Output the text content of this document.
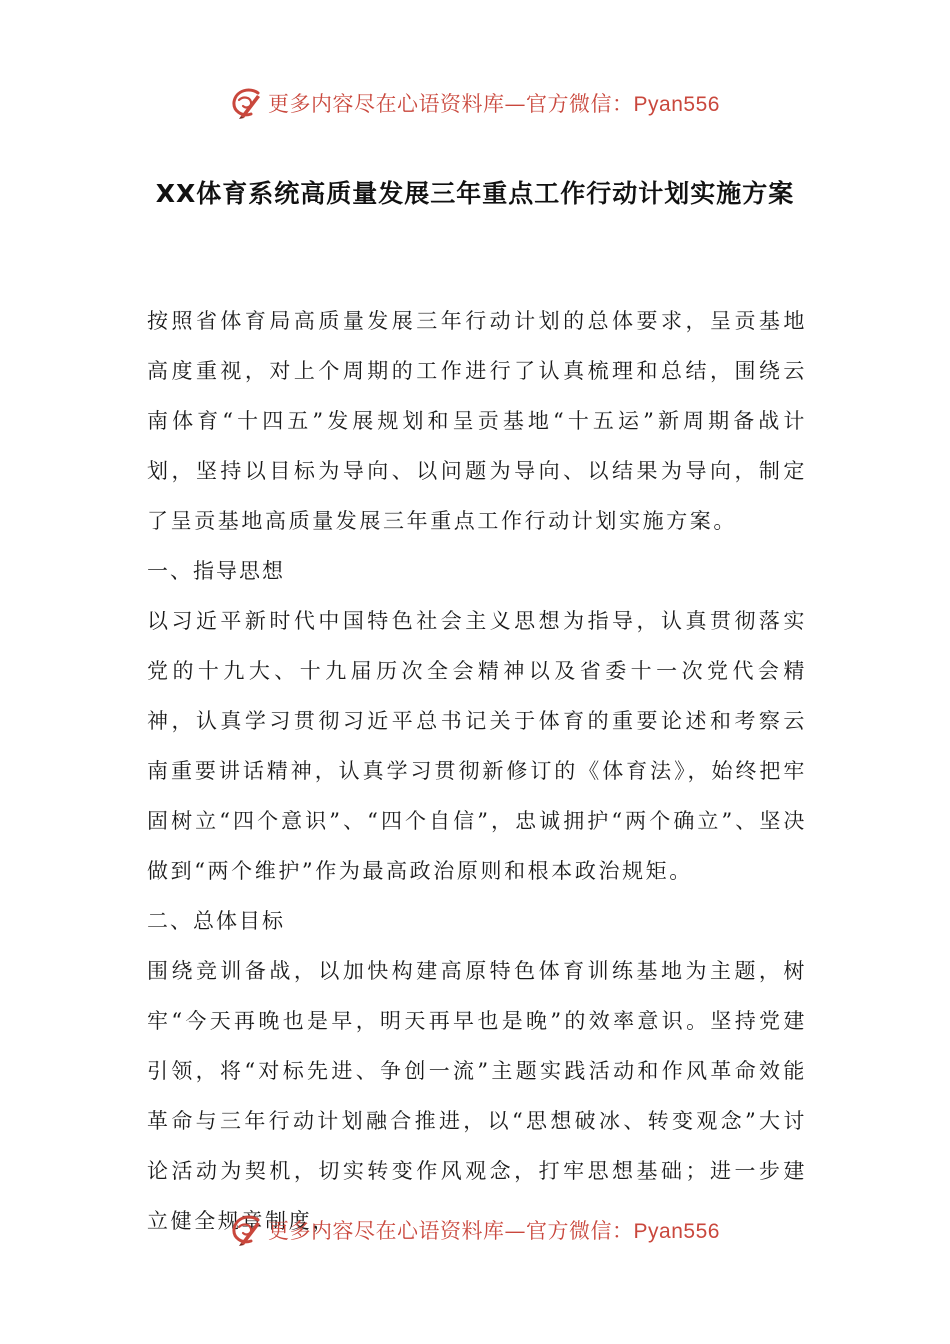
更多内容尽在心语资料库—官方微信：Pyan556
XX体育系统高质量发展三年重点工作行动计划实施方案

按照省体育局高质量发展三年行动计划的总体要求，呈贡基地高度重视，对上个周期的工作进行了认真梳理和总结，围绕云南体育“十四五”发展规划和呈贡基地“十五运”新周期备战计划，坚持以目标为导向、以问题为导向、以结果为导向，制定了呈贡基地高质量发展三年重点工作行动计划实施方案。

一、指导思想

以习近平新时代中国特色社会主义思想为指导，认真贯彻落实党的十九大、十九届历次全会精神以及省委十一次党代会精神，认真学习贯彻习近平总书记关于体育的重要论述和考察云南重要讲话精神，认真学习贯彻新修订的《体育法》，始终把牢固树立“四个意识”、“四个自信”，忠诚拥护“两个确立”、坚决做到“两个维护”作为最高政治原则和根本政治规矩。

二、总体目标

围绕竞训备战，以加快构建高原特色体育训练基地为主题，树牢“今天再晚也是早，明天再早也是晚”的效率意识。坚持党建引领，将“对标先进、争创一流”主题实践活动和作风革命效能革命与三年行动计划融合推进，以“思想破冰、转变观念”大讨论活动为契机，切实转变作风观念，打牢思想基础；进一步建立健全规章制度，

更多内容尽在心语资料库—官方微信：Pyan556
